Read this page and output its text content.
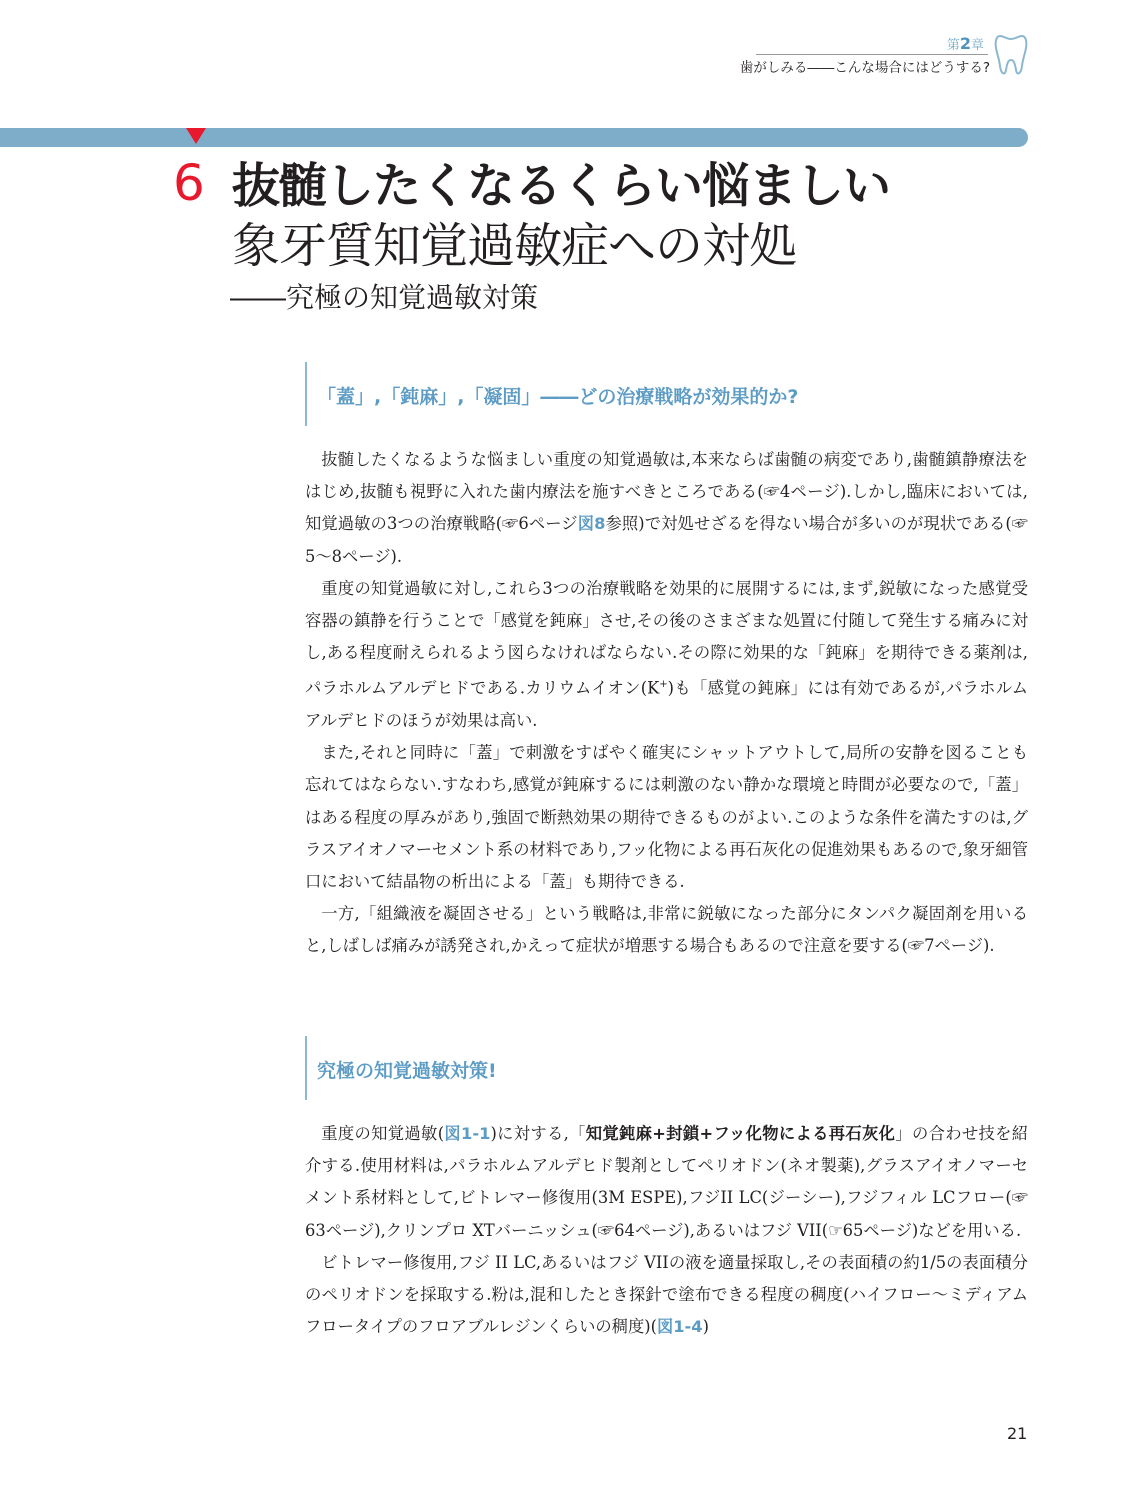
第2章
歯がしみる――こんな場合にはどうする?
6 抜髄したくなるくらい悩ましい
象牙質知覚過敏症への対処
――究極の知覚過敏対策
「蓋」,「鈍麻」,「凝固」――どの治療戦略が効果的か?

抜髄したくなるような悩ましい重度の知覚過敏は,本来ならば歯髄の病変であり,歯髄鎮静療法をはじめ,抜髄も視野に入れた歯内療法を施すべきところである(☞4ページ).しかし,臨床においては,知覚過敏の3つの治療戦略(☞6ページ図8参照)で対処せざるを得ない場合が多いのが現状である(☞5〜8ページ).

重度の知覚過敏に対し,これら3つの治療戦略を効果的に展開するには,まず,鋭敏になった感覚受容器の鎮静を行うことで「感覚を鈍麻」させ,その後のさまざまな処置に付随して発生する痛みに対し,ある程度耐えられるよう図らなければならない.その際に効果的な「鈍麻」を期待できる薬剤は,パラホルムアルデヒドである.カリウムイオン(K+)も「感覚の鈍麻」には有効であるが,パラホルムアルデヒドのほうが効果は高い.

また,それと同時に「蓋」で刺激をすばやく確実にシャットアウトして,局所の安静を図ることも忘れてはならない.すなわち,感覚が鈍麻するには刺激のない静かな環境と時間が必要なので,「蓋」はある程度の厚みがあり,強固で断熱効果の期待できるものがよい.このような条件を満たすのは,グラスアイオノマーセメント系の材料であり,フッ化物による再石灰化の促進効果もあるので,象牙細管口において結晶物の析出による「蓋」も期待できる.

一方,「組織液を凝固させる」という戦略は,非常に鋭敏になった部分にタンパク凝固剤を用いると,しばしば痛みが誘発され,かえって症状が増悪する場合もあるので注意を要する(☞7ページ).

究極の知覚過敏対策!

重度の知覚過敏(図1-1)に対する,「知覚鈍麻+封鎖+フッ化物による再石灰化」の合わせ技を紹介する.使用材料は,パラホルムアルデヒド製剤としてペリオドン(ネオ製薬),グラスアイオノマーセメント系材料として,ビトレマー修復用(3M ESPE),フジII LC(ジーシー),フジフィル LCフロー(☞63ページ),クリンプロ XTバーニッシュ(☞64ページ),あるいはフジ VII(☞65ページ)などを用いる.

ビトレマー修復用,フジ II LC,あるいはフジ VIIの液を適量採取し,その表面積の約1/5の表面積分のペリオドンを採取する.粉は,混和したとき探針で塗布できる程度の稠度(ハイフロー〜ミディアムフロータイプのフロアブルレジンくらいの稠度)(図1-4)

21
